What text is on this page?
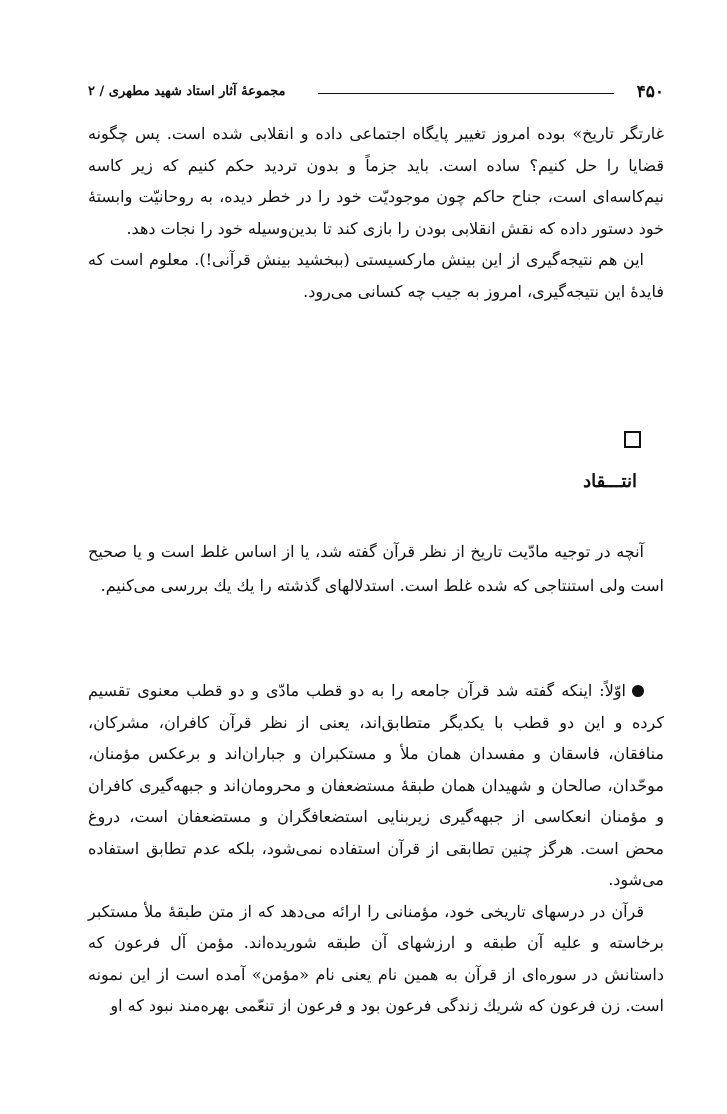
۴۵۰
مجموعهٔ آثار استاد شهید مطهری / ۲

غارتگر تاریخ» بوده امروز تغییر پایگاه اجتماعی داده و انقلابی شده است. پس چگونه قضایا را حل کنیم؟ ساده است. باید جزماً و بدون تردید حکم کنیم که زیر کاسه نیم‌کاسه‌ای است، جناح حاکم چون موجودیّت خود را در خطر دیده، به روحانیّت وابستهٔ خود دستور داده که نقش انقلابی بودن را بازی کند تا بدین‌وسیله خود را نجات دهد.

این هم نتیجه‌گیری از این بینش مارکسیستی (ببخشید بینش قرآنی!). معلوم است که فایدهٔ این نتیجه‌گیری، امروز به جیب چه کسانی می‌رود.

انتـــقاد

آنچه در توجیه مادّیت تاریخ از نظر قرآن گفته شد، یا از اساس غلط است و یا صحیح است ولی استنتاجی که شده غلط است. استدلالهای گذشته را یك یك بررسی می‌کنیم.

اوّلاً: اینکه گفته شد قرآن جامعه را به دو قطب مادّی و دو قطب معنوی تقسیم کرده و این دو قطب با یکدیگر متطابق‌اند، یعنی از نظر قرآن کافران، مشرکان، منافقان، فاسقان و مفسدان همان ملأ و مستکبران و جباران‌اند و برعکس مؤمنان، موحّدان، صالحان و شهیدان همان طبقهٔ مستضعفان و محرومان‌اند و جبهه‌گیری کافران و مؤمنان انعکاسی از جبهه‌گیری زیربنایی استضعافگران و مستضعفان است، دروغ محض است. هرگز چنین تطابقی از قرآن استفاده نمی‌شود، بلکه عدم تطابق استفاده می‌شود.

قرآن در درسهای تاریخی خود، مؤمنانی را ارائه می‌دهد که از متن طبقهٔ ملأ مستکبر برخاسته و علیه آن طبقه و ارزشهای آن طبقه شوریده‌اند. مؤمن آل فرعون که داستانش در سوره‌ای از قرآن به همین نام یعنی نام «مؤمن» آمده است از این نمونه است. زن فرعون که شریك زندگی فرعون بود و فرعون از تنعّمی بهره‌مند نبود که او
